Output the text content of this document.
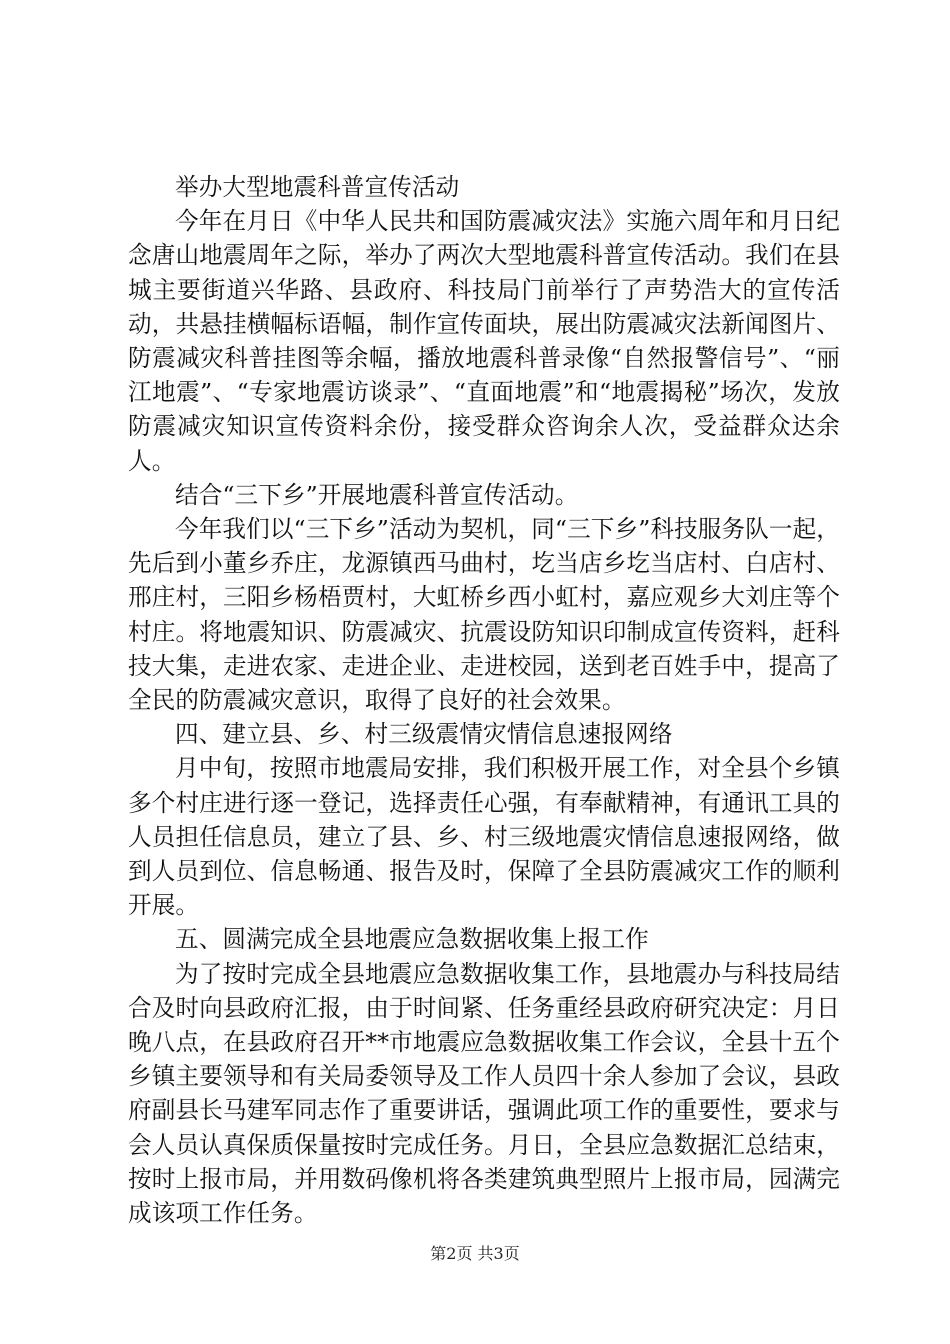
举办大型地震科普宣传活动

今年在月日《中华人民共和国防震减灾法》实施六周年和月日纪念唐山地震周年之际，举办了两次大型地震科普宣传活动。我们在县城主要街道兴华路、县政府、科技局门前举行了声势浩大的宣传活动，共悬挂横幅标语幅，制作宣传面块，展出防震减灾法新闻图片、防震减灾科普挂图等余幅，播放地震科普录像“自然报警信号”、“丽江地震”、“专家地震访谈录”、“直面地震”和“地震揭秘”场次，发放防震减灾知识宣传资料余份，接受群众咨询余人次，受益群众达余人。

结合“三下乡”开展地震科普宣传活动。

今年我们以“三下乡”活动为契机，同“三下乡”科技服务队一起，先后到小董乡乔庄，龙源镇西马曲村，圪当店乡圪当店村、白店村、邢庄村，三阳乡杨梧贾村，大虹桥乡西小虹村，嘉应观乡大刘庄等个村庄。将地震知识、防震减灾、抗震设防知识印制成宣传资料，赶科技大集，走进农家、走进企业、走进校园，送到老百姓手中，提高了全民的防震减灾意识，取得了良好的社会效果。

四、建立县、乡、村三级震情灾情信息速报网络

月中旬，按照市地震局安排，我们积极开展工作，对全县个乡镇多个村庄进行逐一登记，选择责任心强，有奉献精神，有通讯工具的人员担任信息员，建立了县、乡、村三级地震灾情信息速报网络，做到人员到位、信息畅通、报告及时，保障了全县防震减灾工作的顺利开展。

五、圆满完成全县地震应急数据收集上报工作

为了按时完成全县地震应急数据收集工作，县地震办与科技局结合及时向县政府汇报，由于时间紧、任务重经县政府研究决定：月日晚八点，在县政府召开**市地震应急数据收集工作会议，全县十五个乡镇主要领导和有关局委领导及工作人员四十余人参加了会议，县政府副县长马建军同志作了重要讲话，强调此项工作的重要性，要求与会人员认真保质保量按时完成任务。月日，全县应急数据汇总结束，按时上报市局，并用数码像机将各类建筑典型照片上报市局，园满完成该项工作任务。

第2页 共3页
